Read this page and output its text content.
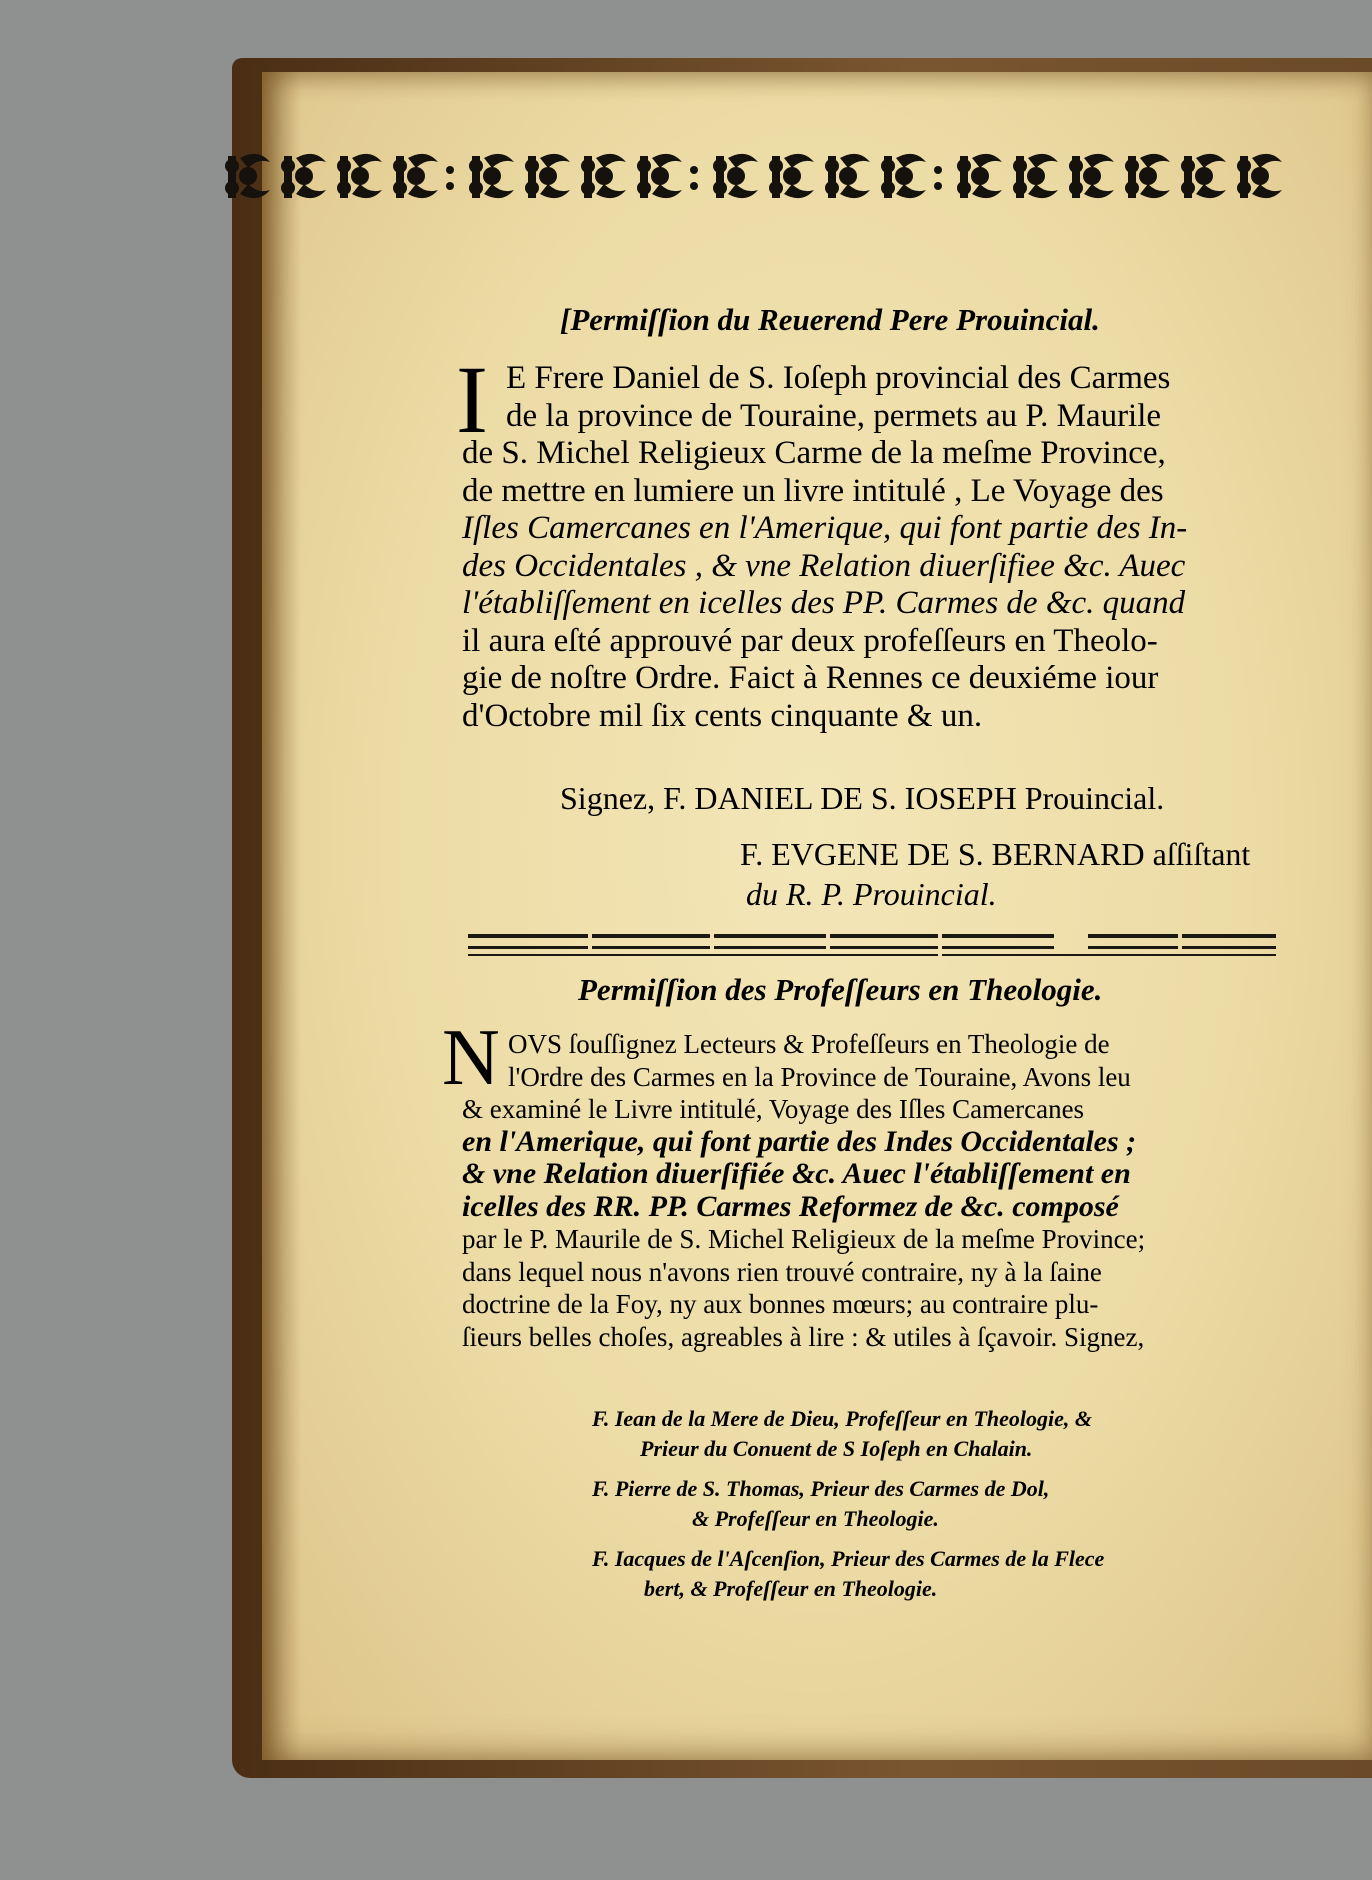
[Permiſſion du Reuerend Pere Prouincial.
I E Frere Daniel de S. Ioſeph provincial des Carmes
de la province de Touraine, permets au P. Maurile
de S. Michel Religieux Carme de la meſme Province,
de mettre en lumiere un livre intitulé , Le Voyage des
Iſles Camercanes en l'Amerique, qui font partie des In-
des Occidentales , & vne Relation diuerſifiee &c. Auec
l'établiſſement en icelles des PP. Carmes de &c. quand
il aura eſté approuvé par deux profeſſeurs en Theolo-
gie de noſtre Ordre. Faict à Rennes ce deuxiéme iour
d'Octobre mil ſix cents cinquante & un.
Signez, F. DANIEL DE S. IOSEPH Prouincial.
F. EVGENE DE S. BERNARD aſſiſtant
du R. P. Prouincial.
Permiſſion des Profeſſeurs en Theologie.
N OVS ſouſſignez Lecteurs & Profeſſeurs en Theologie de
l'Ordre des Carmes en la Province de Touraine, Avons leu
& examiné le Livre intitulé, Voyage des Iſles Camercanes
en l'Amerique, qui font partie des Indes Occidentales ;
& vne Relation diuerſifiée &c. Auec l'établiſſement en
icelles des RR. PP. Carmes Reformez de &c. composé
par le P. Maurile de S. Michel Religieux de la meſme Province;
dans lequel nous n'avons rien trouvé contraire, ny à la ſaine
doctrine de la Foy, ny aux bonnes mœurs; au contraire plu-
ſieurs belles choſes, agreables à lire : & utiles à ſçavoir. Signez,
F. Iean de la Mere de Dieu, Profeſſeur en Theologie, &
Prieur du Conuent de S Ioſeph en Chalain.
F. Pierre de S. Thomas, Prieur des Carmes de Dol,
& Profeſſeur en Theologie.
F. Iacques de l'Aſcenſion, Prieur des Carmes de la Flece
bert, & Profeſſeur en Theologie.
